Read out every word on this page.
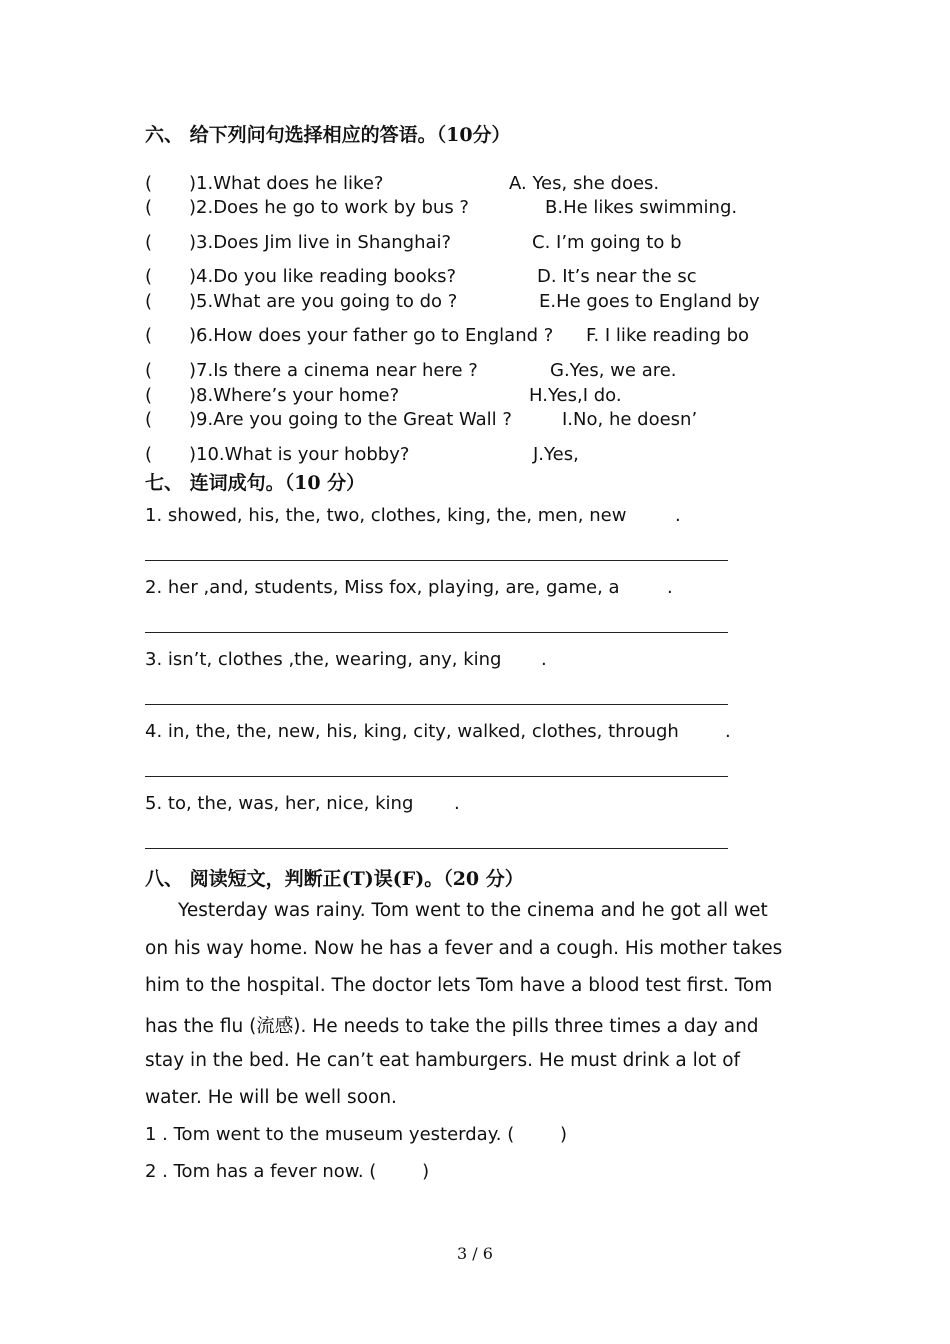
六、 给下列问句选择相应的答语。（10分）
( )1.What does he like?	A. Yes, she does.
( )2.Does he go to work by bus ?	B.He likes swimming.
( )3.Does Jim live in Shanghai?	C. I’m going to b
( )4.Do you like reading books?	D. It’s near the sc
( )5.What are you going to do ?	E.He goes to England by
( )6.How does your father go to England ? F. I like reading bo
( )7.Is there a cinema near here ?	G.Yes, we are.
( )8.Where’s your home?	H.Yes,I do.
( )9.Are you going to the Great Wall ?	I.No, he doesn’
( )10.What is your hobby?	J.Yes,
七、 连词成句。（10 分）
1. showed, his, the, two, clothes, king, the, men, new	.
2. her ,and, students, Miss fox, playing, are, game, a	.
3. isn’t, clothes ,the, wearing, any, king .
4. in, the, the, new, his, king, city, walked, clothes, through	.
5. to, the, was, her, nice, king .
八、 阅读短文，判断正(T)误(F)。（20 分）
Yesterday was rainy. Tom went to the cinema and he got all wet
on his way home. Now he has a fever and a cough. His mother takes
him to the hospital. The doctor lets Tom have a blood test first. Tom
has the flu (流感). He needs to take the pills three times a day and
stay in the bed. He can’t eat hamburgers. He must drink a lot of
water. He will be well soon.
1 . Tom went to the museum yesterday. (        )
2 . Tom has a fever now. (        )
3 / 6
